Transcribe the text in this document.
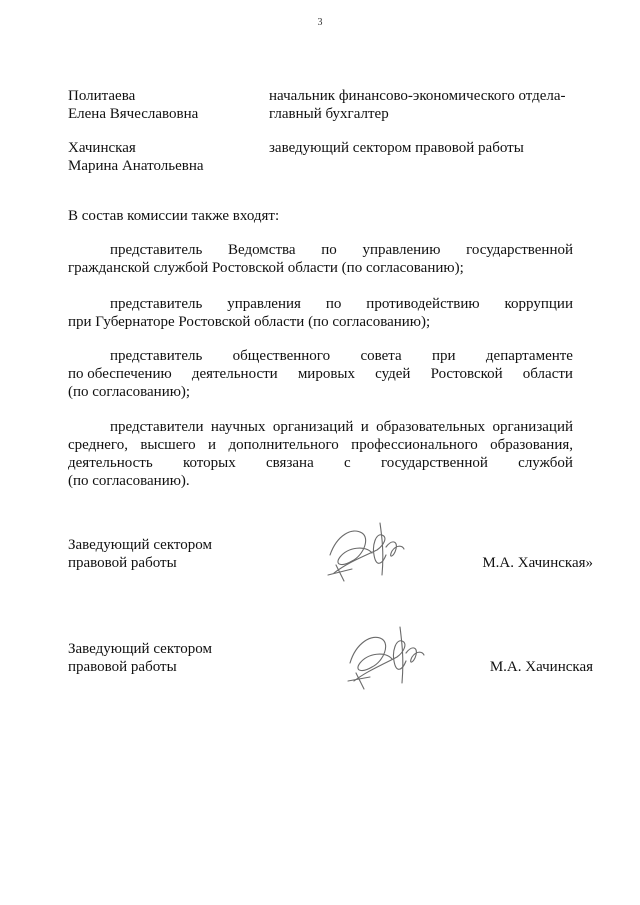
3
Политаева
Елена Вячеславовна
начальник финансово-экономического отдела-
главный бухгалтер
Хачинская
Марина Анатольевна
заведующий сектором правовой работы
В состав комиссии также входят:
представитель Ведомства по управлению государственной
гражданской службой Ростовской области (по согласованию);
представитель управления по противодействию коррупции
при Губернаторе Ростовской области (по согласованию);
представитель общественного совета при департаменте
по обеспечению деятельности мировых судей Ростовской области
(по согласованию);
представители научных организаций и образовательных организаций
среднего, высшего и дополнительного профессионального образования,
деятельность которых связана с государственной службой
(по согласованию).
Заведующий сектором
правовой работы	М.А. Хачинская»
Заведующий сектором
правовой работы	М.А. Хачинская
